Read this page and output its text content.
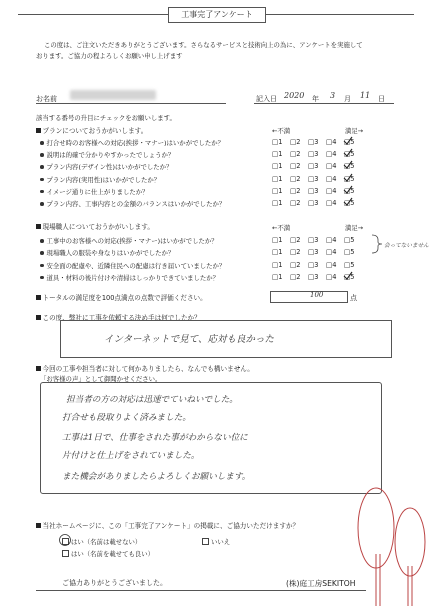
工事完了アンケート
この度は、ご注文いただきありがとうございます。さらなるサービスと技術向上の為に、アンケートを実施して
おります。ご協力の程よろしくお願い申し上げます
お名前	記入日 2020 年 3 月 11 日
該当する番号の升目にチェックをお願いします。
プランについておうかがいします。	←不満	満足→
打合せ時のお客様への対応(挨拶・マナー)はいかがでしたか？	□1 □2 □3 □4 □5
説明は的確で分かりやすかったでしょうか？	□1 □2 □3 □4 □5
プラン内容(デザイン性)はいかがでしたか？	□1 □2 □3 □4 □5
プラン内容(実用性)はいかがでしたか？	□1 □2 □3 □4 □5
イメージ通りに仕上がりましたか？	□1 □2 □3 □4 □5
プラン内容、工事内容との金額のバランスはいかがでしたか？	□1 □2 □3 □4 □5
現場職人についておうかがいします。	←不満	満足→
工事中のお客様への対応(挨拶・マナー)はいかがでしたか？	□1 □2 □3 □4 □5
現場職人の服装や身なりはいかがでしたか？	□1 □2 □3 □4 □5
安全面の配慮や、近隣住民への配慮は行き届いていましたか？	□1 □2 □3 □4 □5
道具・材料の後片付けや清掃はしっかりできていましたか？	□1 □2 □3 □4 □5
会ってないません
トータルの満足度を100点満点の点数で評価ください。	100	点
この度、弊社に工事を依頼する決め手は何でしたか？
インターネットで見て、応対も良かった
今回の工事や担当者に対して何かありましたら、なんでも構いません。
「お客様の声」として御聞かせください。
担当者の方の対応は迅速でていねいでした。
打合せも段取りよく済みました。
工事は1日で、仕事をされた事がわからない位に
片付けと仕上げをされていました。
また機会がありましたらよろしくお願いします。
当社ホームページに、この「工事完了アンケート」の掲載に、ご協力いただけますか？
はい（名前は載せない）
はい（名前を載せても良い）
いいえ
ご協力ありがとうございました。	(株)庭工房SEKITOH
